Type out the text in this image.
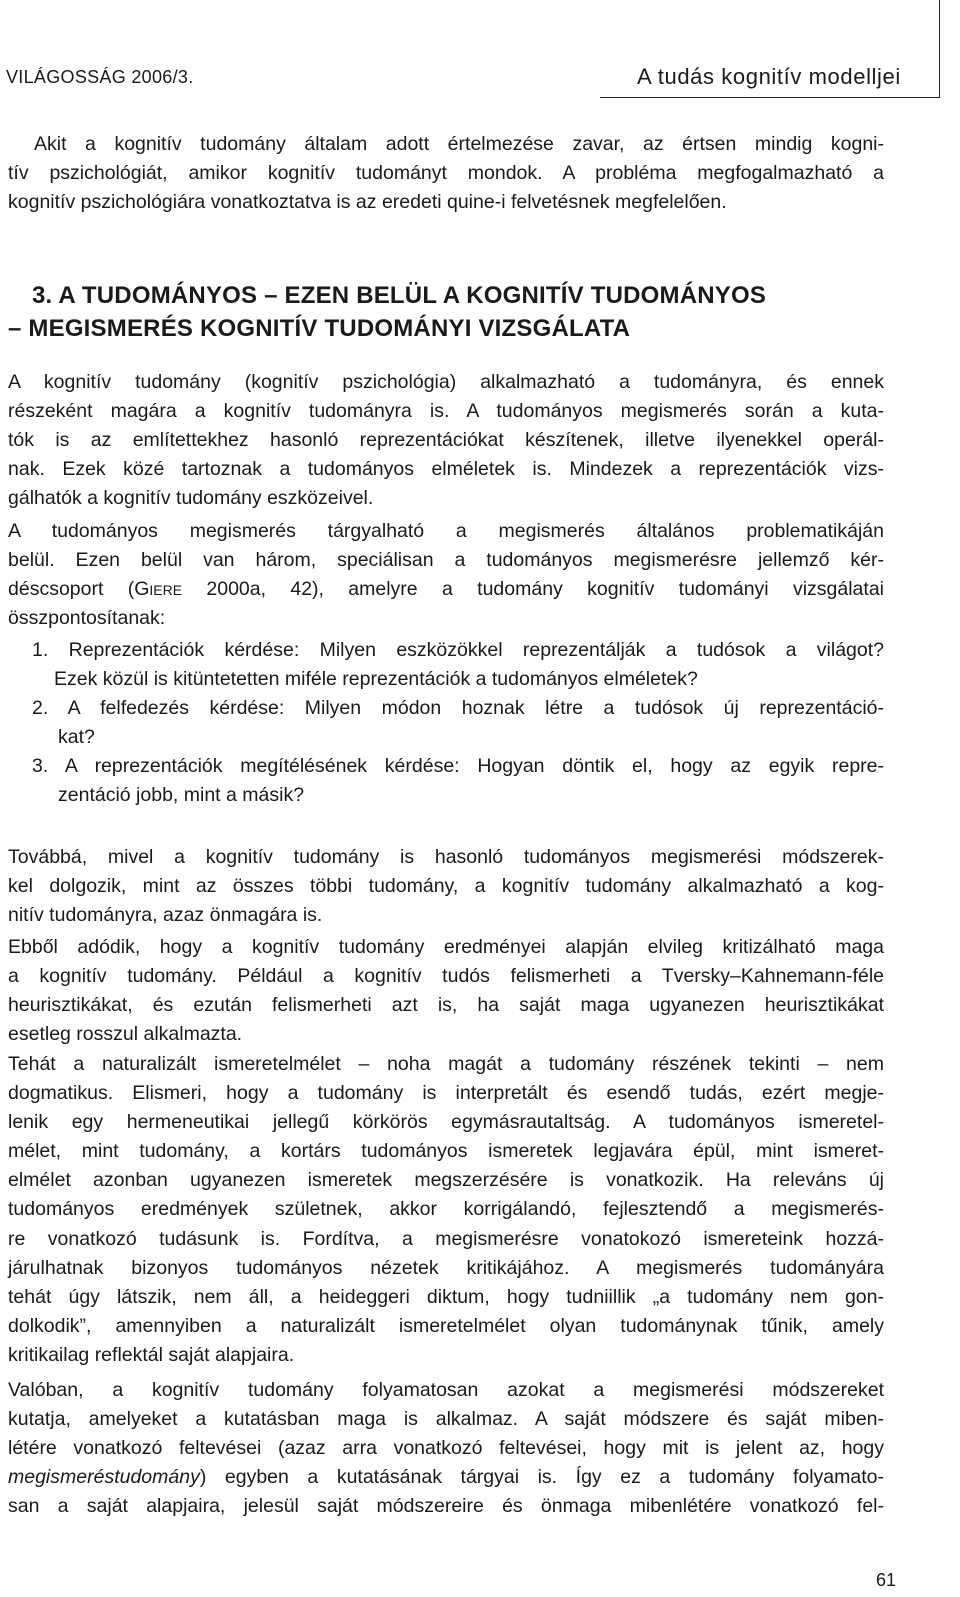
VILÁGOSSÁG 2006/3.	A tudás kognitív modelljei
Akit a kognitív tudomány általam adott értelmezése zavar, az értsen mindig kogni-
tív pszichológiát, amikor kognitív tudományt mondok. A probléma megfogalmazható a
kognitív pszichológiára vonatkoztatva is az eredeti quine-i felvetésnek megfelelően.
3. A TUDOMÁNYOS – EZEN BELÜL A KOGNITÍV TUDOMÁNYOS
– MEGISMERÉS KOGNITÍV TUDOMÁNYI VIZSGÁLATA
A kognitív tudomány (kognitív pszichológia) alkalmazható a tudományra, és ennek
részeként magára a kognitív tudományra is. A tudományos megismerés során a kuta-
tók is az említettekhez hasonló reprezentációkat készítenek, illetve ilyenekkel operál-
nak. Ezek közé tartoznak a tudományos elméletek is. Mindezek a reprezentációk vizs-
gálhatók a kognitív tudomány eszközeivel.
A tudományos megismerés tárgyalható a megismerés általános problematikáján
belül. Ezen belül van három, speciálisan a tudományos megismerésre jellemző kér-
déscsoport (Giere 2000a, 42), amelyre a tudomány kognitív tudományi vizsgálatai
összpontosítanak:
1. Reprezentációk kérdése: Milyen eszközökkel reprezentálják a tudósok a világot?
Ezek közül is kitüntetetten miféle reprezentációk a tudományos elméletek?
2. A felfedezés kérdése: Milyen módon hoznak létre a tudósok új reprezentáció-
kat?
3. A reprezentációk megítélésének kérdése: Hogyan döntik el, hogy az egyik repre-
zentáció jobb, mint a másik?
Továbbá, mivel a kognitív tudomány is hasonló tudományos megismerési módszerek-
kel dolgozik, mint az összes többi tudomány, a kognitív tudomány alkalmazható a kog-
nitív tudományra, azaz önmagára is.
Ebből adódik, hogy a kognitív tudomány eredményei alapján elvileg kritizálható maga
a kognitív tudomány. Például a kognitív tudós felismerheti a Tversky–Kahnemann-féle
heurisztikákat, és ezután felismerheti azt is, ha saját maga ugyanezen heurisztikákat
esetleg rosszul alkalmazta.
Tehát a naturalizált ismeretelmélet – noha magát a tudomány részének tekinti – nem
dogmatikus. Elismeri, hogy a tudomány is interpretált és esendő tudás, ezért megje-
lenik egy hermeneutikai jellegű körkörös egymásrautaltság. A tudományos ismeretel-
mélet, mint tudomány, a kortárs tudományos ismeretek legjavára épül, mint ismeret-
elmélet azonban ugyanezen ismeretek megszerzésére is vonatkozik. Ha releváns új
tudományos eredmények születnek, akkor korrigálandó, fejlesztendő a megismerés-
re vonatkozó tudásunk is. Fordítva, a megismerésre vonatokozó ismereteink hozzá-
járulhatnak bizonyos tudományos nézetek kritikájához. A megismerés tudományára
tehát úgy látszik, nem áll, a heideggeri diktum, hogy tudniillik „a tudomány nem gon-
dolkodik”, amennyiben a naturalizált ismeretelmélet olyan tudománynak tűnik, amely
kritikailag reflektál saját alapjaira.
Valóban, a kognitív tudomány folyamatosan azokat a megismerési módszereket
kutatja, amelyeket a kutatásban maga is alkalmaz. A saját módszere és saját miben-
létére vonatkozó feltevései (azaz arra vonatkozó feltevései, hogy mit is jelent az, hogy
megismeréstudomány) egyben a kutatásának tárgyai is. Így ez a tudomány folyamato-
san a saját alapjaira, jelesül saját módszereire és önmaga mibenlétére vonatkozó fel-
61
